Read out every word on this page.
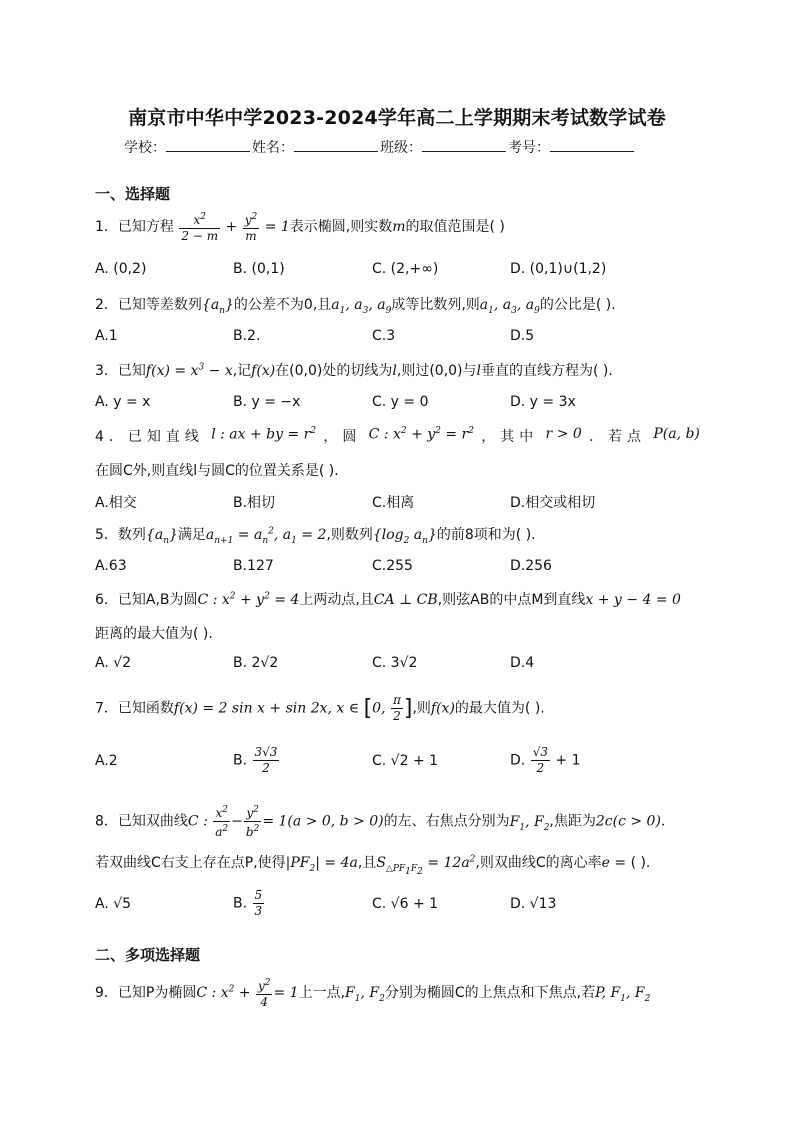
南京市中华中学2023-2024学年高二上学期期末考试数学试卷
学校：	姓名：	班级：	考号：
一、选择题
1．已知方程 $\frac{x^2}{2 - m} + \frac{y^2}{m} = 1$表示椭圆,则实数m的取值范围是( )
A. (0,2)	B. (0,1)	C. (2,+∞)	D. (0,1)∪(1,2)
2．已知等差数列$\{a_n\}$的公差不为0,且$a_1$, $a_3$, $a_9$成等比数列,则$a_1$, $a_3$, $a_9$的公比是( ).
A.1	B.2.	C.3	D.5
3．已知$f(x) = x^3 - x$,记f(x)在(0,0)处的切线为l,则过(0,0)与l垂直的直线方程为( ).
A. y = x	B. y = −x	C. y = 0	D. y = 3x
4．已知直线 l : ax + by = $r^2$ ，圆 C : $x^2 + y^2 = r^2$ ，其中 r > 0 ．若点 P(a, b)
在圆C外,则直线l与圆C的位置关系是( ).
A.相交	B.相切	C.相离	D.相交或相切
5．数列$\{a_n\}$满足$a_{n+1} = a_n^2$, $a_1 = 2$,则数列{$\log_2$ $a_n$}的前8项和为( ).
A.63	B.127	C.255	D.256
6．已知A,B为圆C : $x^2 + y^2 = 4$上两动点,且CA ⊥ CB,则弦AB的中点M到直线x + y − 4 = 0
距离的最大值为( ).
A. √2	B. 2√2	C. 3√2	D.4
7．已知函数f(x) = 2 sin x + sin 2x, x ∈ [0, $\frac{\pi}{2}$ ],则f(x)的最大值为( ).
A.2	B. $\frac{3√3}{2}$	C. √2 + 1	D. $\frac{√3}{2} + 1$
8．已知双曲线C : $\frac{x^2}{a^2} - \frac{y^2}{b^2} = 1(a > 0$, b > 0)的左、右焦点分别为$F_1$, $F_2$,焦距为2c(c > 0).
若双曲线C右支上存在点P,使得$|PF_2| = 4a$,且$S_{\triangle PF_1F_2} = 12a^2$,则双曲线C的离心率e = ( ).
A. √5	B. $\frac{5}{3}$	C. √6 + 1	D. √13
二、多项选择题
9．已知P为椭圆C : $x^2 + \frac{y^2}{4} = 1$上一点$,F_1$, $F_2$分别为椭圆C的上焦点和下焦点,若P, $F_1$, $F_2$
